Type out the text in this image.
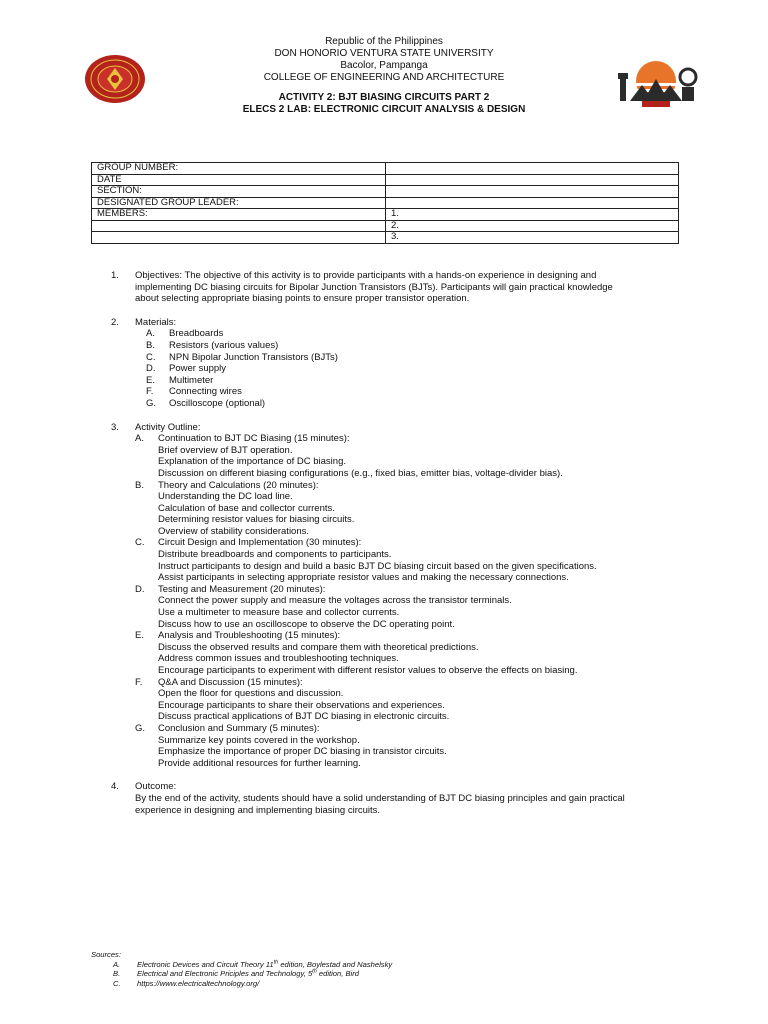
Republic of the Philippines
DON HONORIO VENTURA STATE UNIVERSITY
Bacolor, Pampanga
COLLEGE OF ENGINEERING AND ARCHITECTURE
ACTIVITY 2: BJT BIASING CIRCUITS PART 2
ELECS 2 LAB: ELECTRONIC CIRCUIT ANALYSIS & DESIGN
GROUP NUMBER:	
DATE	
SECTION:	
DESIGNATED GROUP LEADER:	
MEMBERS:	1.
	2.
	3.
1.	Objectives: The objective of this activity is to provide participants with a hands-on experience in designing and
implementing DC biasing circuits for Bipolar Junction Transistors (BJTs). Participants will gain practical knowledge
about selecting appropriate biasing points to ensure proper transistor operation.
2.	Materials:
A.	Breadboards
B.	Resistors (various values)
C.	NPN Bipolar Junction Transistors (BJTs)
D.	Power supply
E.	Multimeter
F.	Connecting wires
G.	Oscilloscope (optional)
3.	Activity Outline:
A.	Continuation to BJT DC Biasing (15 minutes):
Brief overview of BJT operation.
Explanation of the importance of DC biasing.
Discussion on different biasing configurations (e.g., fixed bias, emitter bias, voltage-divider bias).
B.	Theory and Calculations (20 minutes):
Understanding the DC load line.
Calculation of base and collector currents.
Determining resistor values for biasing circuits.
Overview of stability considerations.
C.	Circuit Design and Implementation (30 minutes):
Distribute breadboards and components to participants.
Instruct participants to design and build a basic BJT DC biasing circuit based on the given specifications.
Assist participants in selecting appropriate resistor values and making the necessary connections.
D.	Testing and Measurement (20 minutes):
Connect the power supply and measure the voltages across the transistor terminals.
Use a multimeter to measure base and collector currents.
Discuss how to use an oscilloscope to observe the DC operating point.
E.	Analysis and Troubleshooting (15 minutes):
Discuss the observed results and compare them with theoretical predictions.
Address common issues and troubleshooting techniques.
Encourage participants to experiment with different resistor values to observe the effects on biasing.
F.	Q&A and Discussion (15 minutes):
Open the floor for questions and discussion.
Encourage participants to share their observations and experiences.
Discuss practical applications of BJT DC biasing in electronic circuits.
G.	Conclusion and Summary (5 minutes):
Summarize key points covered in the workshop.
Emphasize the importance of proper DC biasing in transistor circuits.
Provide additional resources for further learning.
4.	Outcome:
By the end of the activity, students should have a solid understanding of BJT DC biasing principles and gain practical
experience in designing and implementing biasing circuits.
Sources:
A.	Electronic Devices and Circuit Theory 11th edition, Boylestad and Nashelsky
B.	Electrical and Electronic Priciples and Technology, 5th edition, Bird
C.	https://www.electricaltechnology.org/
